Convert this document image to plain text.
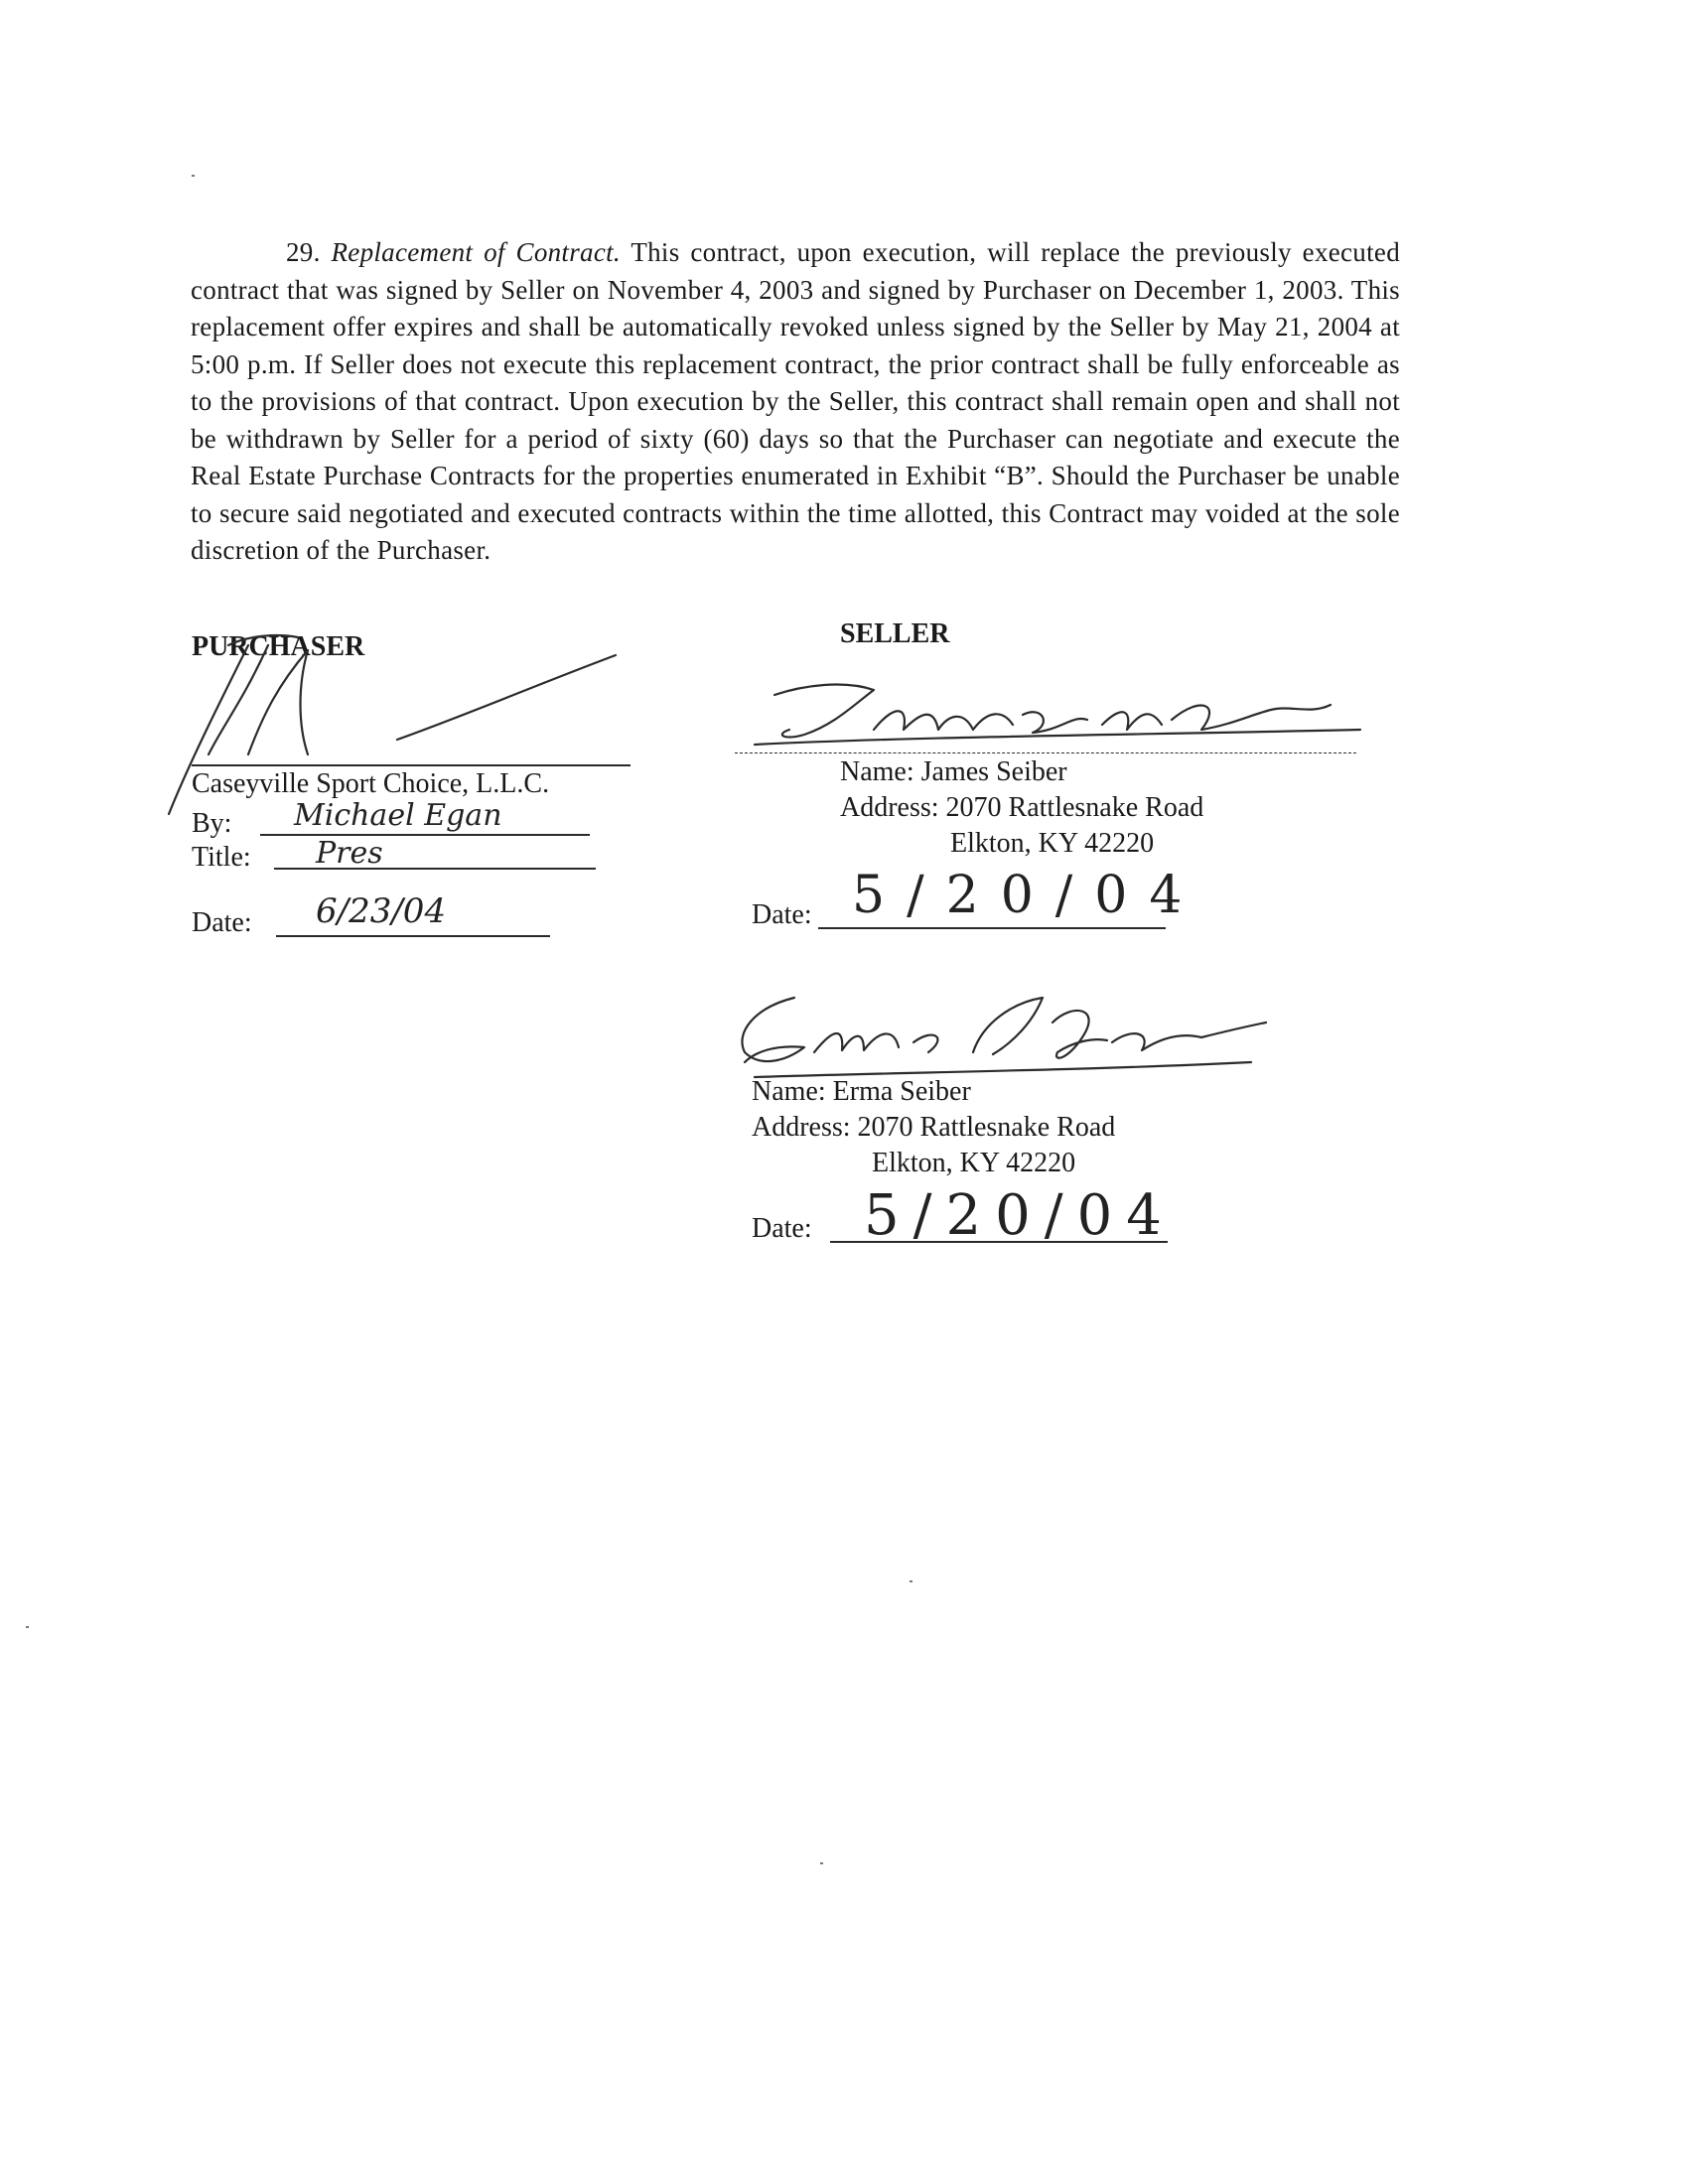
29. Replacement of Contract. This contract, upon execution, will replace the previously executed contract that was signed by Seller on November 4, 2003 and signed by Purchaser on December 1, 2003. This replacement offer expires and shall be automatically revoked unless signed by the Seller by May 21, 2004 at 5:00 p.m. If Seller does not execute this replacement contract, the prior contract shall be fully enforceable as to the provisions of that contract. Upon execution by the Seller, this contract shall remain open and shall not be withdrawn by Seller for a period of sixty (60) days so that the Purchaser can negotiate and execute the Real Estate Purchase Contracts for the properties enumerated in Exhibit “B”. Should the Purchaser be unable to secure said negotiated and executed contracts within the time allotted, this Contract may voided at the sole discretion of the Purchaser.
PURCHASER
Caseyville Sport Choice, L.L.C.
By: Michael Egan
Title: Pres
Date: 6/23/04
SELLER
Name: James Seiber
Address: 2070 Rattlesnake Road
Elkton, KY 42220
Date: 5/20/04
Name: Erma Seiber
Address: 2070 Rattlesnake Road
Elkton, KY 42220
Date: 5/20/04
